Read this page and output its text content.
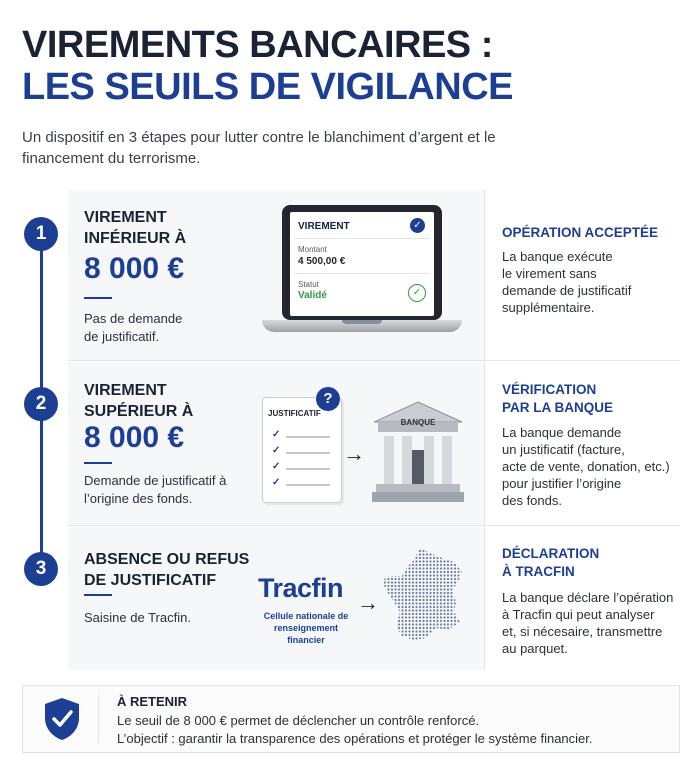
VIREMENTS BANCAIRES :
LES SEUILS DE VIGILANCE
Un dispositif en 3 étapes pour lutter contre le blanchiment d’argent et le financement du terrorisme.
1
2
3
VIREMENT
INFÉRIEUR À
8 000 €
Pas de demande de justificatif.
VIREMENT	✓
Montant
4 500,00 €
Statut
Validé	✓
OPÉRATION ACCEPTÉE
La banque exécute
le virement sans
demande de justificatif
supplémentaire.
VIREMENT
SUPÉRIEUR À
8 000 €
Demande de justificatif à l’origine des fonds.
JUSTIFICATIF
?
✓
✓
✓
✓
→
BANQUE
VÉRIFICATION
PAR LA BANQUE
La banque demande
un justificatif (facture,
acte de vente, donation, etc.)
pour justifier l’origine
des fonds.
ABSENCE OU REFUS
DE JUSTIFICATIF
Saisine de Tracfin.
Tracfin
Cellule nationale de renseignement financier
→
DÉCLARATION
À TRACFIN
La banque déclare l’opération
à Tracfin qui peut analyser
et, si nécesaire, transmettre
au parquet.
À RETENIR
Le seuil de 8 000 € permet de déclencher un contrôle renforcé.
L’objectif : garantir la transparence des opérations et protéger le système financier.
